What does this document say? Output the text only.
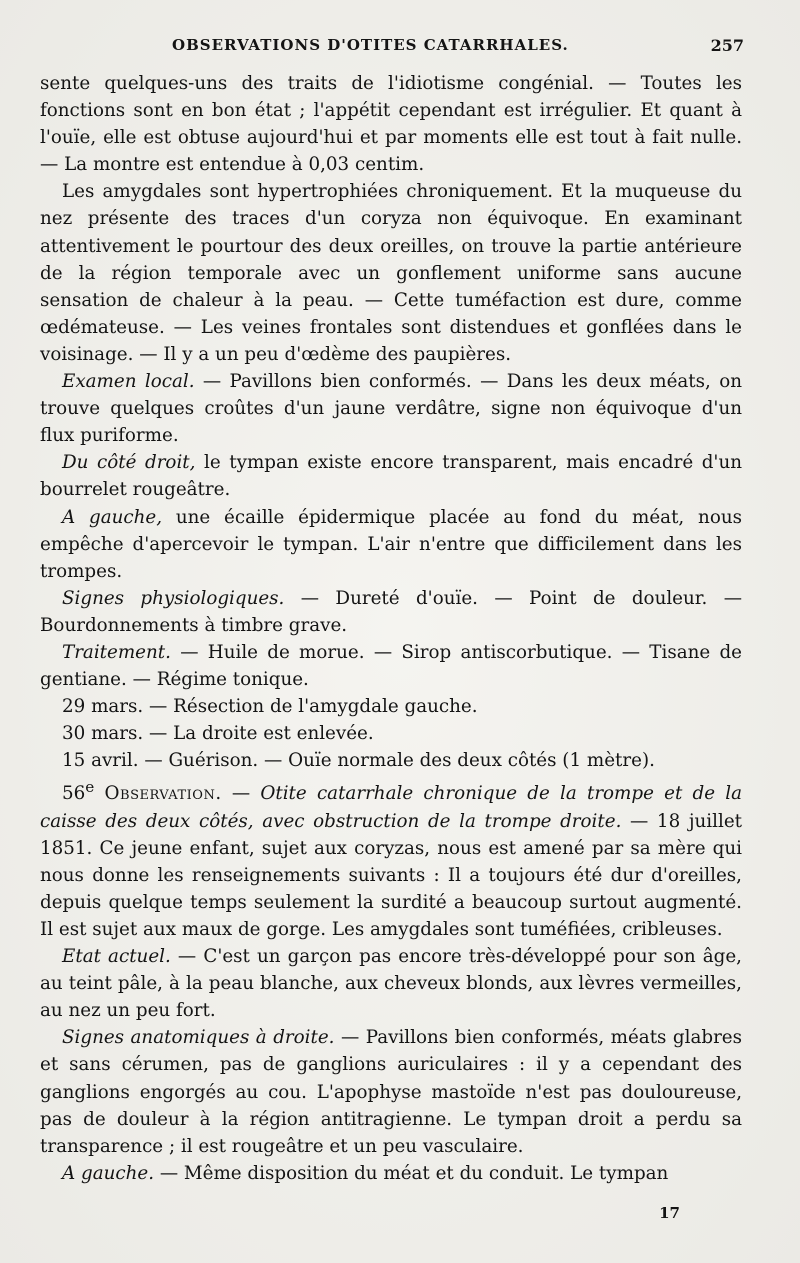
OBSERVATIONS D'OTITES CATARRHALES.	257

sente quelques-uns des traits de l'idiotisme congénial. — Toutes les fonctions sont en bon état ; l'appétit cependant est irrégulier. Et quant à l'ouïe, elle est obtuse aujourd'hui et par moments elle est tout à fait nulle. — La montre est entendue à 0,03 centim.

Les amygdales sont hypertrophiées chroniquement. Et la muqueuse du nez présente des traces d'un coryza non équivoque. En examinant attentivement le pourtour des deux oreilles, on trouve la partie antérieure de la région temporale avec un gonflement uniforme sans aucune sensation de chaleur à la peau. — Cette tuméfaction est dure, comme œdémateuse. — Les veines frontales sont distendues et gonflées dans le voisinage. — Il y a un peu d'œdème des paupières.

Examen local. — Pavillons bien conformés. — Dans les deux méats, on trouve quelques croûtes d'un jaune verdâtre, signe non équivoque d'un flux puriforme.

Du côté droit, le tympan existe encore transparent, mais encadré d'un bourrelet rougeâtre.

A gauche, une écaille épidermique placée au fond du méat, nous empêche d'apercevoir le tympan. L'air n'entre que difficilement dans les trompes.

Signes physiologiques. — Dureté d'ouïe. — Point de douleur. — Bourdonnements à timbre grave.

Traitement. — Huile de morue. — Sirop antiscorbutique. — Tisane de gentiane. — Régime tonique.

29 mars. — Résection de l'amygdale gauche.

30 mars. — La droite est enlevée.

15 avril. — Guérison. — Ouïe normale des deux côtés (1 mètre).

56e Observation. — Otite catarrhale chronique de la trompe et de la caisse des deux côtés, avec obstruction de la trompe droite. — 18 juillet 1851. Ce jeune enfant, sujet aux coryzas, nous est amené par sa mère qui nous donne les renseignements suivants : Il a toujours été dur d'oreilles, depuis quelque temps seulement la surdité a beaucoup surtout augmenté. Il est sujet aux maux de gorge. Les amygdales sont tuméfiées, cribleuses.

Etat actuel. — C'est un garçon pas encore très-développé pour son âge, au teint pâle, à la peau blanche, aux cheveux blonds, aux lèvres vermeilles, au nez un peu fort.

Signes anatomiques à droite. — Pavillons bien conformés, méats glabres et sans cérumen, pas de ganglions auriculaires : il y a cependant des ganglions engorgés au cou. L'apophyse mastoïde n'est pas douloureuse, pas de douleur à la région antitragienne. Le tympan droit a perdu sa transparence ; il est rougeâtre et un peu vasculaire.

A gauche. — Même disposition du méat et du conduit. Le tympan

17
